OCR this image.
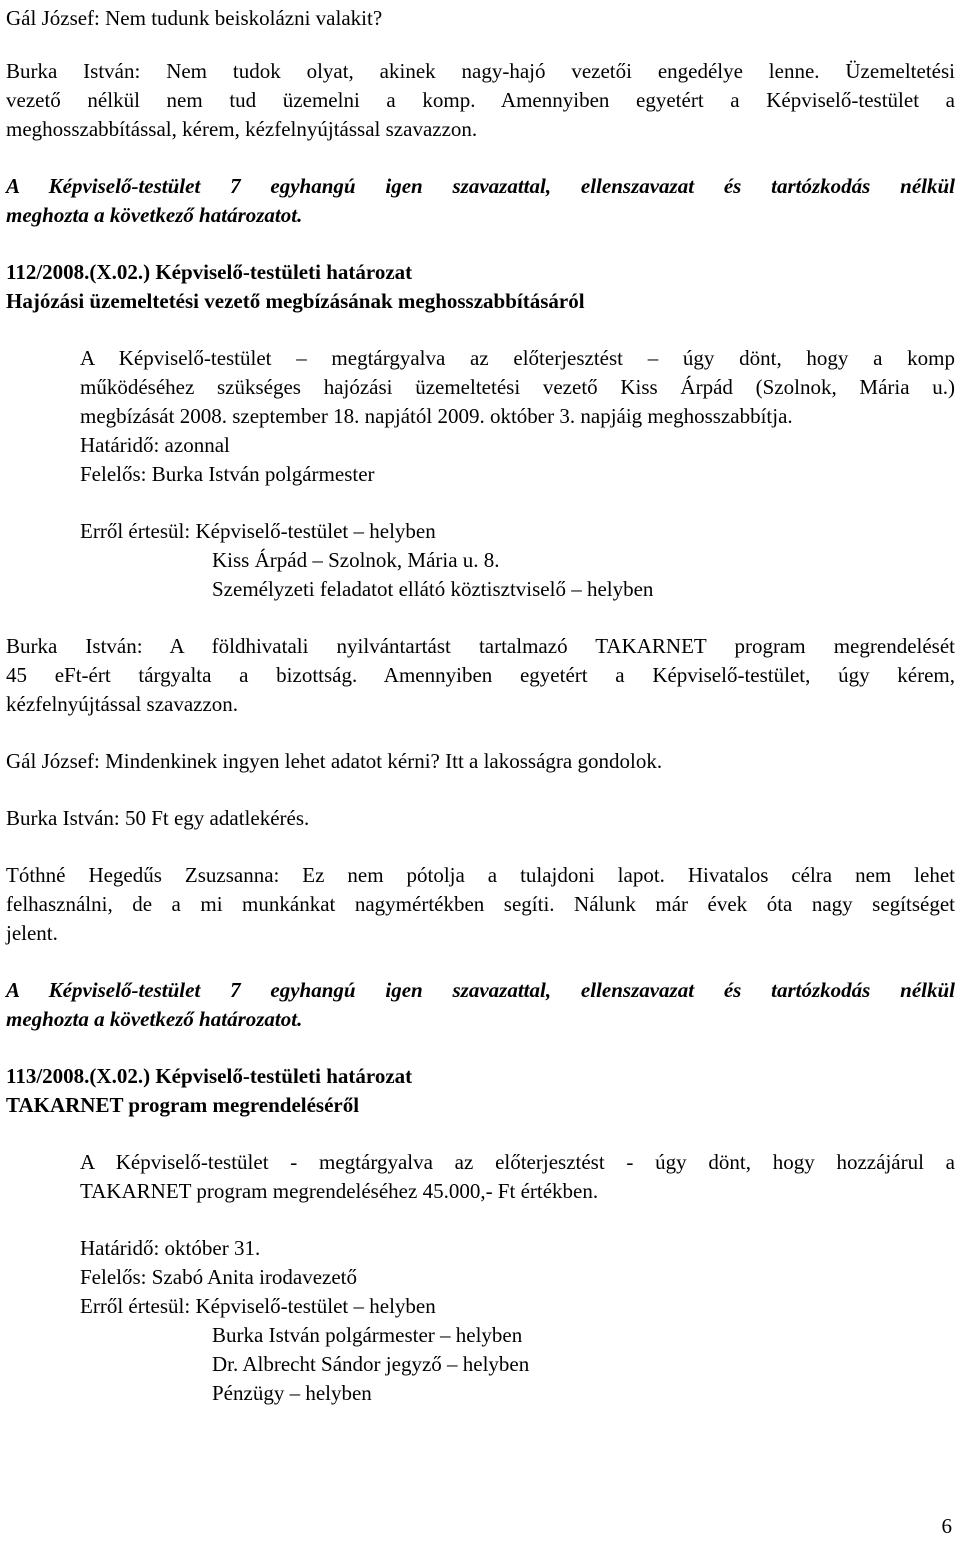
Gál József: Nem tudunk beiskolázni valakit?
Burka István: Nem tudok olyat, akinek nagy-hajó vezetői engedélye lenne. Üzemeltetési
vezető nélkül nem tud üzemelni a komp. Amennyiben egyetért a Képviselő-testület a
meghosszabbítással, kérem, kézfelnyújtással szavazzon.
A Képviselő-testület 7 egyhangú igen szavazattal, ellenszavazat és tartózkodás nélkül
meghozta a következő határozatot.
112/2008.(X.02.) Képviselő-testületi határozat
Hajózási üzemeltetési vezető megbízásának meghosszabbításáról
A Képviselő-testület – megtárgyalva az előterjesztést – úgy dönt, hogy a komp
működéséhez szükséges hajózási üzemeltetési vezető Kiss Árpád (Szolnok, Mária u.)
megbízását 2008. szeptember 18. napjától 2009. október 3. napjáig meghosszabbítja.
Határidő: azonnal
Felelős: Burka István polgármester
Erről értesül: Képviselő-testület – helyben
Kiss Árpád – Szolnok, Mária u. 8.
Személyzeti feladatot ellátó köztisztviselő – helyben
Burka István: A földhivatali nyilvántartást tartalmazó TAKARNET program megrendelését
45 eFt-ért tárgyalta a bizottság. Amennyiben egyetért a Képviselő-testület, úgy kérem,
kézfelnyújtással szavazzon.
Gál József: Mindenkinek ingyen lehet adatot kérni? Itt a lakosságra gondolok.
Burka István: 50 Ft egy adatlekérés.
Tóthné Hegedűs Zsuzsanna: Ez nem pótolja a tulajdoni lapot. Hivatalos célra nem lehet
felhasználni, de a mi munkánkat nagymértékben segíti. Nálunk már évek óta nagy segítséget
jelent.
A Képviselő-testület 7 egyhangú igen szavazattal, ellenszavazat és tartózkodás nélkül
meghozta a következő határozatot.
113/2008.(X.02.) Képviselő-testületi határozat
TAKARNET program megrendeléséről
A Képviselő-testület - megtárgyalva az előterjesztést - úgy dönt, hogy hozzájárul a
TAKARNET program megrendeléséhez 45.000,- Ft értékben.
Határidő: október 31.
Felelős: Szabó Anita irodavezető
Erről értesül: Képviselő-testület – helyben
Burka István polgármester – helyben
Dr. Albrecht Sándor jegyző – helyben
Pénzügy – helyben
6
